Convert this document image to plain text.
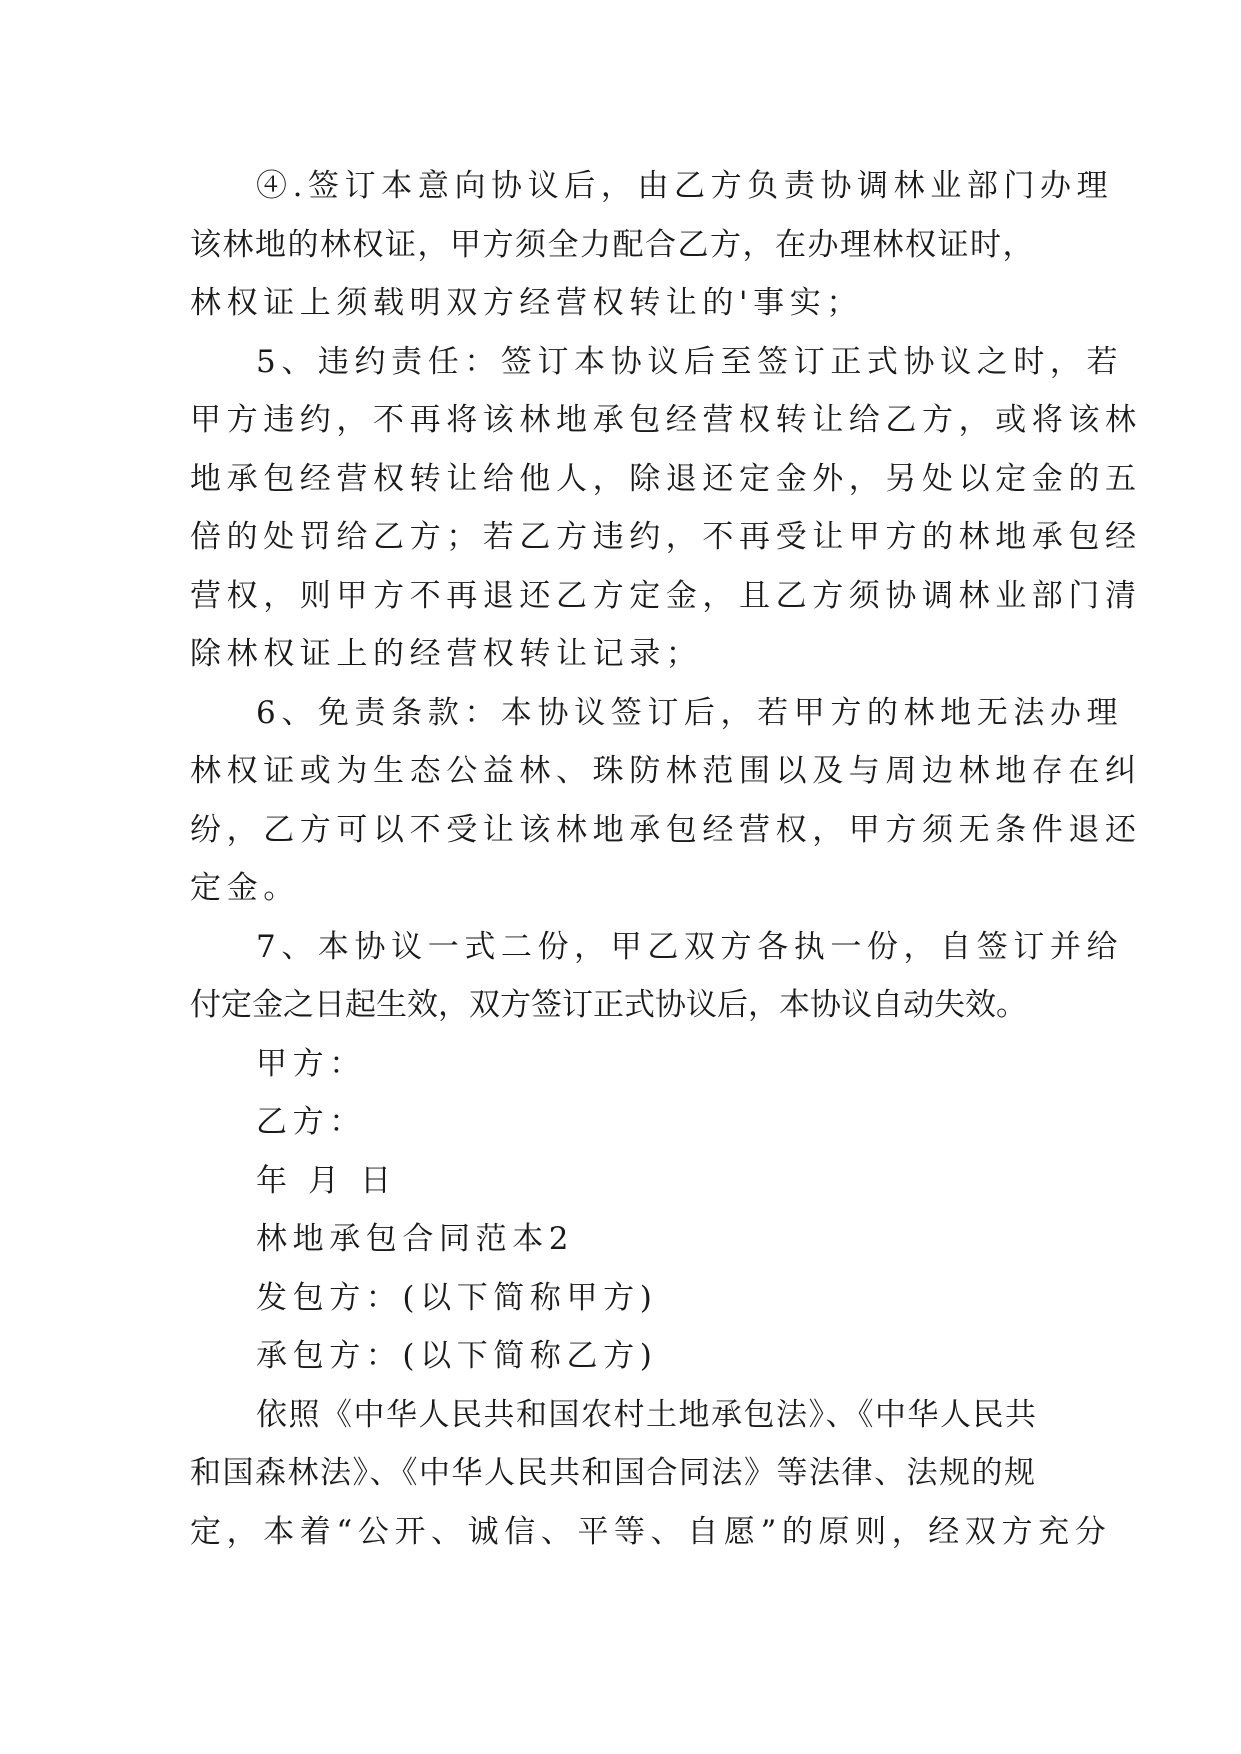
④.签订本意向协议后，由乙方负责协调林业部门办理
该林地的林权证，甲方须全力配合乙方，在办理林权证时，
林权证上须载明双方经营权转让的'事实；
5、违约责任：签订本协议后至签订正式协议之时，若
甲方违约，不再将该林地承包经营权转让给乙方，或将该林
地承包经营权转让给他人，除退还定金外，另处以定金的五
倍的处罚给乙方；若乙方违约，不再受让甲方的林地承包经
营权，则甲方不再退还乙方定金，且乙方须协调林业部门清
除林权证上的经营权转让记录；
6、免责条款：本协议签订后，若甲方的林地无法办理
林权证或为生态公益林、珠防林范围以及与周边林地存在纠
纷，乙方可以不受让该林地承包经营权，甲方须无条件退还
定金。
7、本协议一式二份，甲乙双方各执一份，自签订并给
付定金之日起生效，双方签订正式协议后，本协议自动失效。
甲方：
乙方：
年 月 日
林地承包合同范本2
发包方：(以下简称甲方)
承包方：(以下简称乙方)
依照《中华人民共和国农村土地承包法》、《中华人民共
和国森林法》、《中华人民共和国合同法》等法律、法规的规
定，本着“公开、诚信、平等、自愿”的原则，经双方充分
